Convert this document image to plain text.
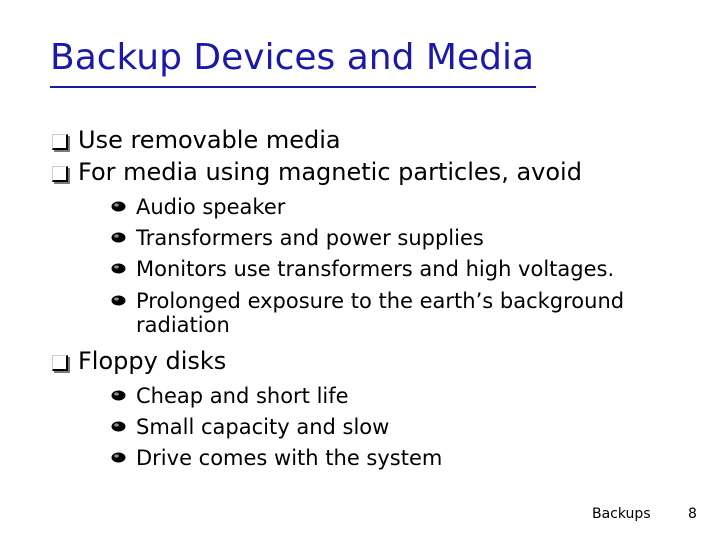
Backup Devices and Media
Use removable media
For media using magnetic particles, avoid
Audio speaker
Transformers and power supplies
Monitors use transformers and high voltages.
Prolonged exposure to the earth’s background radiation
Floppy disks
Cheap and short life
Small capacity and slow
Drive comes with the system
Backups	8
